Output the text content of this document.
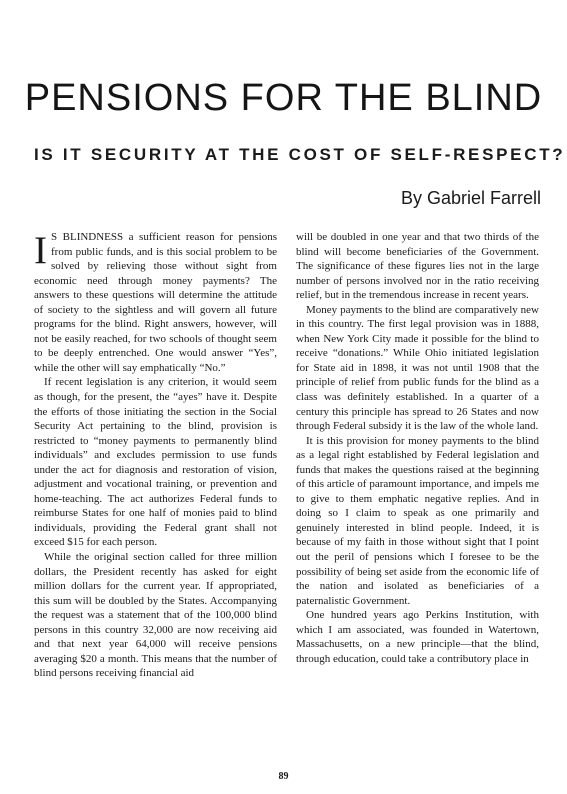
PENSIONS FOR THE BLIND
IS IT SECURITY AT THE COST OF SELF-RESPECT?

By Gabriel Farrell

I S BLINDNESS a sufficient reason for pensions from public funds, and is this social problem to be solved by relieving those without sight from economic need through money payments? The answers to these questions will determine the attitude of society to the sightless and will govern all future programs for the blind. Right answers, however, will not be easily reached, for two schools of thought seem to be deeply entrenched. One would answer “Yes”, while the other will say emphatically “No.”

If recent legislation is any criterion, it would seem as though, for the present, the “ayes” have it. Despite the efforts of those initiating the section in the Social Security Act pertaining to the blind, provision is restricted to “money payments to permanently blind individuals” and excludes permission to use funds under the act for diagnosis and restoration of vision, adjustment and vocational training, or prevention and home-teaching. The act authorizes Federal funds to reimburse States for one half of monies paid to blind individuals, providing the Federal grant shall not exceed $15 for each person.

While the original section called for three million dollars, the President recently has asked for eight million dollars for the current year. If appropriated, this sum will be doubled by the States. Accompanying the request was a statement that of the 100,000 blind persons in this country 32,000 are now receiving aid and that next year 64,000 will receive pensions averaging $20 a month. This means that the number of blind persons receiving financial aid

will be doubled in one year and that two thirds of the blind will become beneficiaries of the Government. The significance of these figures lies not in the large number of persons involved nor in the ratio receiving relief, but in the tremendous increase in recent years.

Money payments to the blind are comparatively new in this country. The first legal provision was in 1888, when New York City made it possible for the blind to receive “donations.” While Ohio initiated legislation for State aid in 1898, it was not until 1908 that the principle of relief from public funds for the blind as a class was definitely established. In a quarter of a century this principle has spread to 26 States and now through Federal subsidy it is the law of the whole land.

It is this provision for money payments to the blind as a legal right established by Federal legislation and funds that makes the questions raised at the beginning of this article of paramount importance, and impels me to give to them emphatic negative replies. And in doing so I claim to speak as one primarily and genuinely interested in blind people. Indeed, it is because of my faith in those without sight that I point out the peril of pensions which I foresee to be the possibility of being set aside from the economic life of the nation and isolated as beneficiaries of a paternalistic Government.

One hundred years ago Perkins Institution, with which I am associated, was founded in Watertown, Massachusetts, on a new principle—that the blind, through education, could take a contributory place in

89
